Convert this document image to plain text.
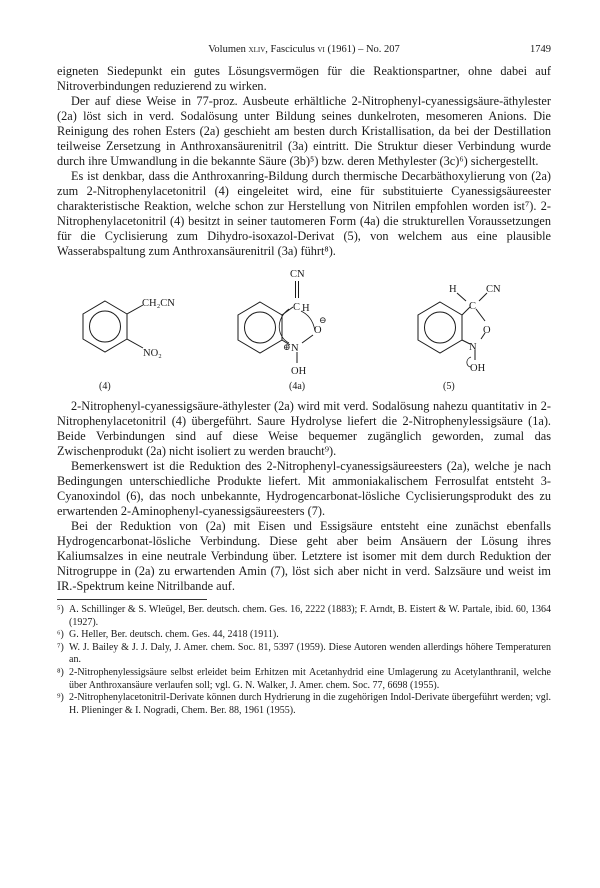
Volumen xliv, Fasciculus vi (1961) – No. 207	1749

eigneten Siedepunkt ein gutes Lösungsvermögen für die Reaktionspartner, ohne dabei auf Nitroverbindungen reduzierend zu wirken.

Der auf diese Weise in 77-proz. Ausbeute erhältliche 2-Nitrophenyl-cyanessigsäure-äthylester (2a) löst sich in verd. Sodalösung unter Bildung seines dunkelroten, mesomeren Anions. Die Reinigung des rohen Esters (2a) geschieht am besten durch Kristallisation, da bei der Destillation teilweise Zersetzung in Anthroxansäurenitril (3a) eintritt. Die Struktur dieser Verbindung wurde durch ihre Umwandlung in die bekannte Säure (3b)⁵) bzw. deren Methylester (3c)⁶) sichergestellt.

Es ist denkbar, dass die Anthroxanring-Bildung durch thermische Decarbäthoxylierung von (2a) zum 2-Nitrophenylacetonitril (4) eingeleitet wird, eine für substituierte Cyanessigsäureester charakteristische Reaktion, welche schon zur Herstellung von Nitrilen empfohlen worden ist⁷). 2-Nitrophenylacetonitril (4) besitzt in seiner tautomeren Form (4a) die strukturellen Voraussetzungen für die Cyclisierung zum Dihydro-isoxazol-Derivat (5), von welchem aus eine plausible Wasserabspaltung zum Anthroxansäurenitril (3a) führt⁸).

CH₂CN
NO₂
(4)
CN
C H
N
⊕
O
⊖
OH
(4a)
H
C
CN
O
N
OH
(5)

2-Nitrophenyl-cyanessigsäure-äthylester (2a) wird mit verd. Sodalösung nahezu quantitativ in 2-Nitrophenylacetonitril (4) übergeführt. Saure Hydrolyse liefert die 2-Nitrophenylessigsäure (1a). Beide Verbindungen sind auf diese Weise bequemer zugänglich geworden, zumal das Zwischenprodukt (2a) nicht isoliert zu werden braucht⁹).

Bemerkenswert ist die Reduktion des 2-Nitrophenyl-cyanessigsäureesters (2a), welche je nach Bedingungen unterschiedliche Produkte liefert. Mit ammoniakalischem Ferrosulfat entsteht 3-Cyanoxindol (6), das noch unbekannte, Hydrogencarbonat-lösliche Cyclisierungsprodukt des zu erwartenden 2-Aminophenyl-cyanessigsäureesters (7).

Bei der Reduktion von (2a) mit Eisen und Essigsäure entsteht eine zunächst ebenfalls Hydrogencarbonat-lösliche Verbindung. Diese geht aber beim Ansäuern der Lösung ihres Kaliumsalzes in eine neutrale Verbindung über. Letztere ist isomer mit dem durch Reduktion der Nitrogruppe in (2a) zu erwartenden Amin (7), löst sich aber nicht in verd. Salzsäure und weist im IR.-Spektrum keine Nitrilbande auf.

⁵) A. Schillinger & S. Wleügel, Ber. deutsch. chem. Ges. 16, 2222 (1883); F. Arndt, B. Eistert & W. Partale, ibid. 60, 1364 (1927).
⁶) G. Heller, Ber. deutsch. chem. Ges. 44, 2418 (1911).
⁷) W. J. Bailey & J. J. Daly, J. Amer. chem. Soc. 81, 5397 (1959). Diese Autoren wenden allerdings höhere Temperaturen an.
⁸) 2-Nitrophenylessigsäure selbst erleidet beim Erhitzen mit Acetanhydrid eine Umlagerung zu Acetylanthranil, welche über Anthroxansäure verlaufen soll; vgl. G. N. Walker, J. Amer. chem. Soc. 77, 6698 (1955).
⁹) 2-Nitrophenylacetonitril-Derivate können durch Hydrierung in die zugehörigen Indol-Derivate übergeführt werden; vgl. H. Plieninger & I. Nogradi, Chem. Ber. 88, 1961 (1955).
